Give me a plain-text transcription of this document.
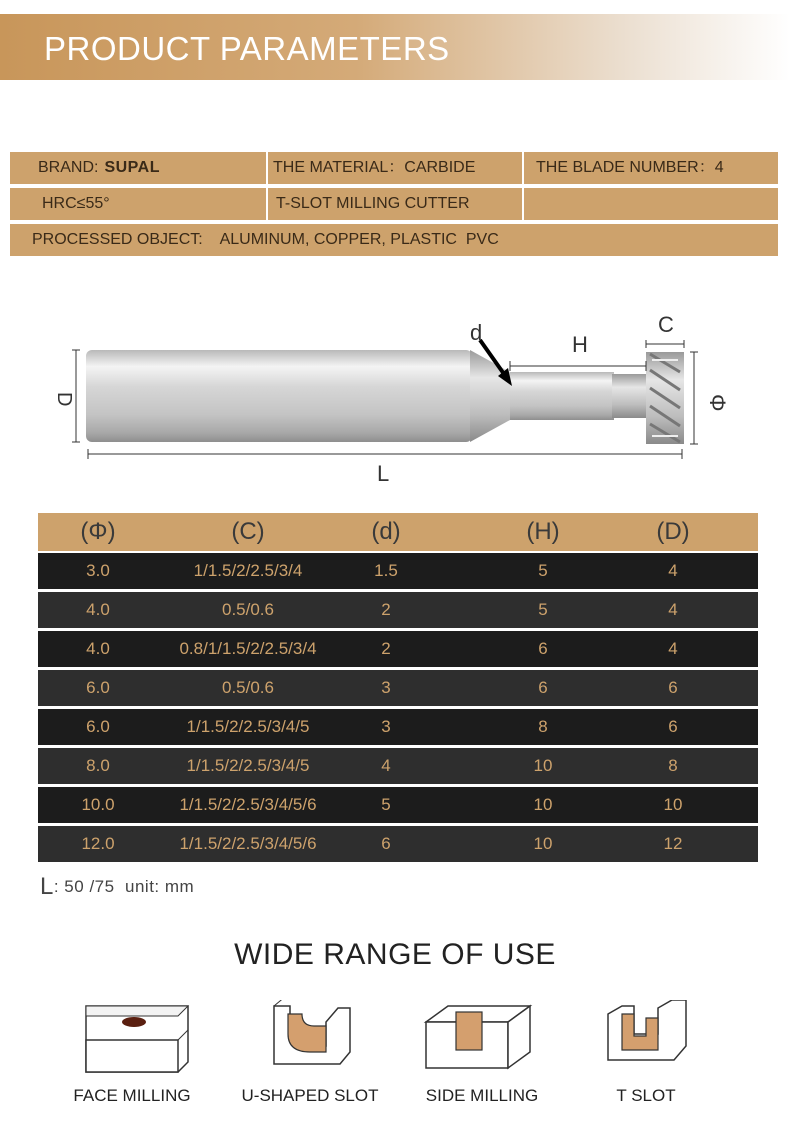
PRODUCT PARAMETERS
BRAND: SUPAL	THE MATERIAL：CARBIDE	THE BLADE NUMBER：4
HRC≤55°	T-SLOT MILLING CUTTER
PROCESSED OBJECT:    ALUMINUM, COPPER, PLASTIC  PVC
D
d	H
C
Φ
L
(Φ)	(C)	(d)	(H)	(D)
3.0	1/1.5/2/2.5/3/4	1.5	5	4
4.0	0.5/0.6	2	5	4
4.0	0.8/1/1.5/2/2.5/3/4	2	6	4
6.0	0.5/0.6	3	6	6
6.0	1/1.5/2/2.5/3/4/5	3	8	6
8.0	1/1.5/2/2.5/3/4/5	4	10	8
10.0	1/1.5/2/2.5/3/4/5/6	5	10	10
12.0	1/1.5/2/2.5/3/4/5/6	6	10	12
L: 50 /75  unit: mm
WIDE RANGE OF USE
FACE MILLING	U-SHAPED SLOT	SIDE MILLING	T SLOT
